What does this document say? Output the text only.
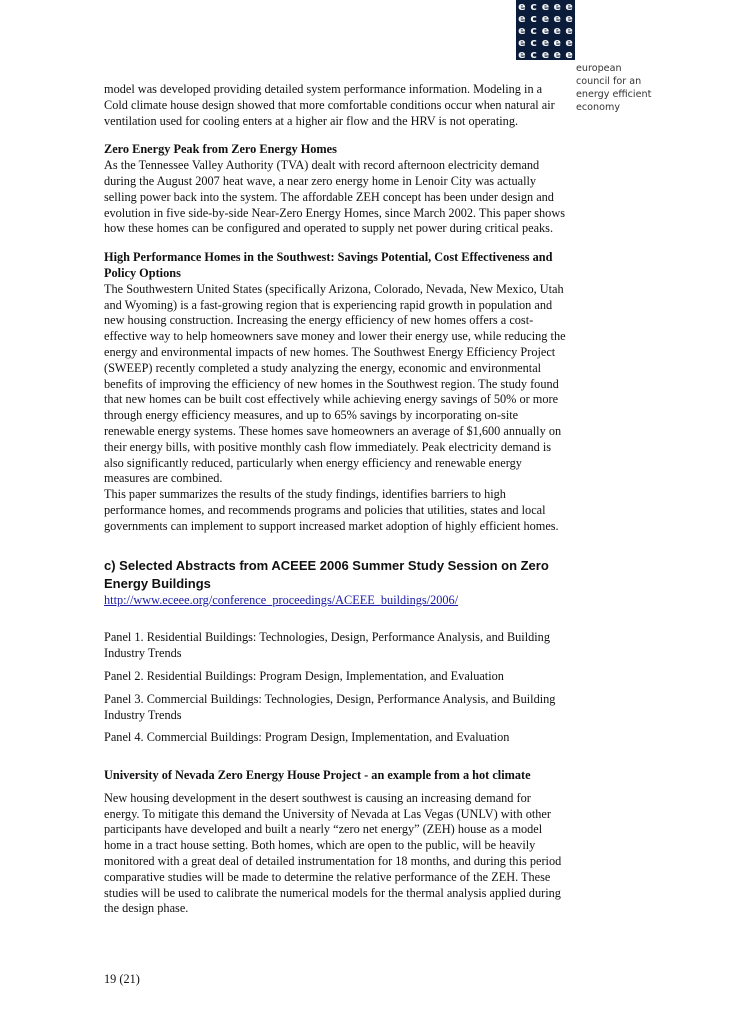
e c e e e
e c e e e
e c e e e
e c e e e
e c e e e
european
council for an
energy efficient
economy

model was developed providing detailed system performance information. Modeling in a Cold climate house design showed that more comfortable conditions occur when natural air ventilation used for cooling enters at a higher air flow and the HRV is not operating.

Zero Energy Peak from Zero Energy Homes

As the Tennessee Valley Authority (TVA) dealt with record afternoon electricity demand during the August 2007 heat wave, a near zero energy home in Lenoir City was actually selling power back into the system. The affordable ZEH concept has been under design and evolution in five side-by-side Near-Zero Energy Homes, since March 2002. This paper shows how these homes can be configured and operated to supply net power during critical peaks.

High Performance Homes in the Southwest: Savings Potential, Cost Effectiveness and Policy Options

The Southwestern United States (specifically Arizona, Colorado, Nevada, New Mexico, Utah and Wyoming) is a fast-growing region that is experiencing rapid growth in population and new housing construction. Increasing the energy efficiency of new homes offers a cost-effective way to help homeowners save money and lower their energy use, while reducing the energy and environmental impacts of new homes. The Southwest Energy Efficiency Project (SWEEP) recently completed a study analyzing the energy, economic and environmental benefits of improving the efficiency of new homes in the Southwest region. The study found that new homes can be built cost effectively while achieving energy savings of 50% or more through energy efficiency measures, and up to 65% savings by incorporating on-site renewable energy systems. These homes save homeowners an average of $1,600 annually on their energy bills, with positive monthly cash flow immediately. Peak electricity demand is also significantly reduced, particularly when energy efficiency and renewable energy measures are combined.

This paper summarizes the results of the study findings, identifies barriers to high performance homes, and recommends programs and policies that utilities, states and local governments can implement to support increased market adoption of highly efficient homes.

c) Selected Abstracts from ACEEE 2006 Summer Study Session on Zero Energy Buildings

http://www.eceee.org/conference_proceedings/ACEEE_buildings/2006/

Panel 1. Residential Buildings: Technologies, Design, Performance Analysis, and Building Industry Trends

Panel 2. Residential Buildings: Program Design, Implementation, and Evaluation

Panel 3. Commercial Buildings: Technologies, Design, Performance Analysis, and Building Industry Trends

Panel 4. Commercial Buildings: Program Design, Implementation, and Evaluation

University of Nevada Zero Energy House Project - an example from a hot climate

New housing development in the desert southwest is causing an increasing demand for energy. To mitigate this demand the University of Nevada at Las Vegas (UNLV) with other participants have developed and built a nearly “zero net energy” (ZEH) house as a model home in a tract house setting. Both homes, which are open to the public, will be heavily monitored with a great deal of detailed instrumentation for 18 months, and during this period comparative studies will be made to determine the relative performance of the ZEH. These studies will be used to calibrate the numerical models for the thermal analysis applied during the design phase.

19 (21)
